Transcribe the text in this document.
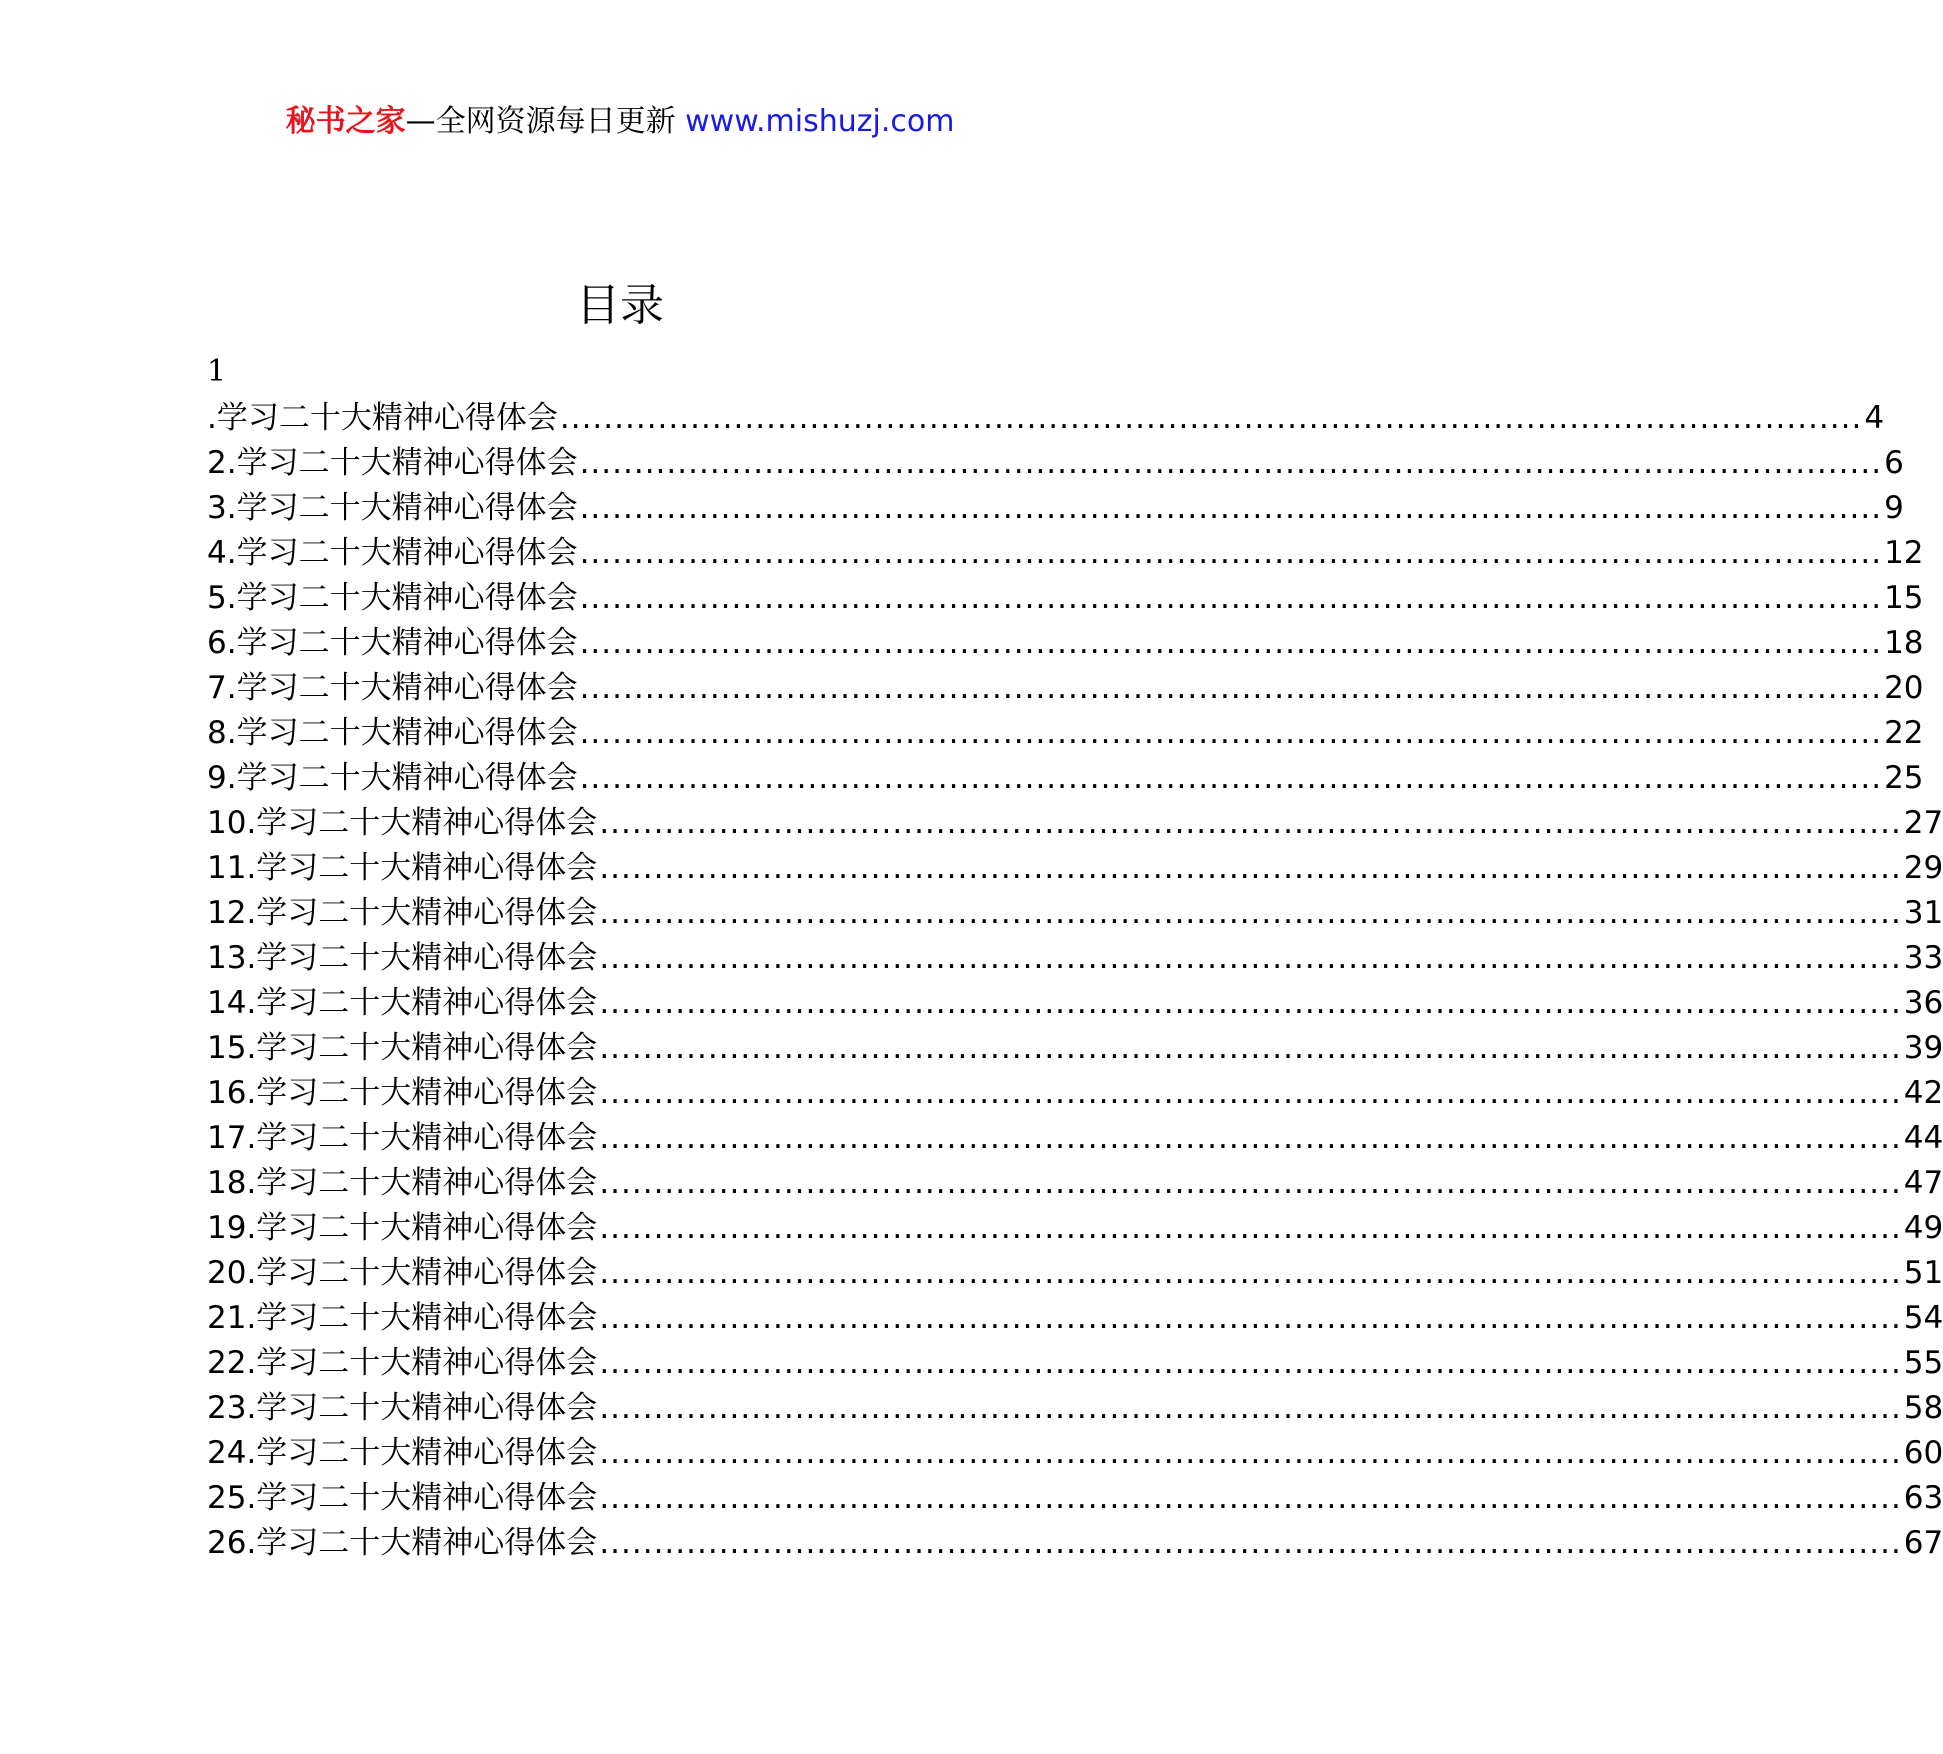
秘书之家—全网资源每日更新 www.mishuzj.com
目录
1
.学习二十大精神心得体会 ........................................................................................................................ 4
2.学习二十大精神心得体会 ........................................................................................................................ 6
3.学习二十大精神心得体会 ........................................................................................................................ 9
4.学习二十大精神心得体会 ........................................................................................................................ 12
5.学习二十大精神心得体会 ........................................................................................................................ 15
6.学习二十大精神心得体会 ........................................................................................................................ 18
7.学习二十大精神心得体会 ........................................................................................................................ 20
8.学习二十大精神心得体会 ........................................................................................................................ 22
9.学习二十大精神心得体会 ........................................................................................................................ 25
10.学习二十大精神心得体会 ........................................................................................................................ 27
11.学习二十大精神心得体会 ........................................................................................................................ 29
12.学习二十大精神心得体会 ........................................................................................................................ 31
13.学习二十大精神心得体会 ........................................................................................................................ 33
14.学习二十大精神心得体会 ........................................................................................................................ 36
15.学习二十大精神心得体会 ........................................................................................................................ 39
16.学习二十大精神心得体会 ........................................................................................................................ 42
17.学习二十大精神心得体会 ........................................................................................................................ 44
18.学习二十大精神心得体会 ........................................................................................................................ 47
19.学习二十大精神心得体会 ........................................................................................................................ 49
20.学习二十大精神心得体会 ........................................................................................................................ 51
21.学习二十大精神心得体会 ........................................................................................................................ 54
22.学习二十大精神心得体会 ........................................................................................................................ 55
23.学习二十大精神心得体会 ........................................................................................................................ 58
24.学习二十大精神心得体会 ........................................................................................................................ 60
25.学习二十大精神心得体会 ........................................................................................................................ 63
26.学习二十大精神心得体会 ........................................................................................................................ 67
